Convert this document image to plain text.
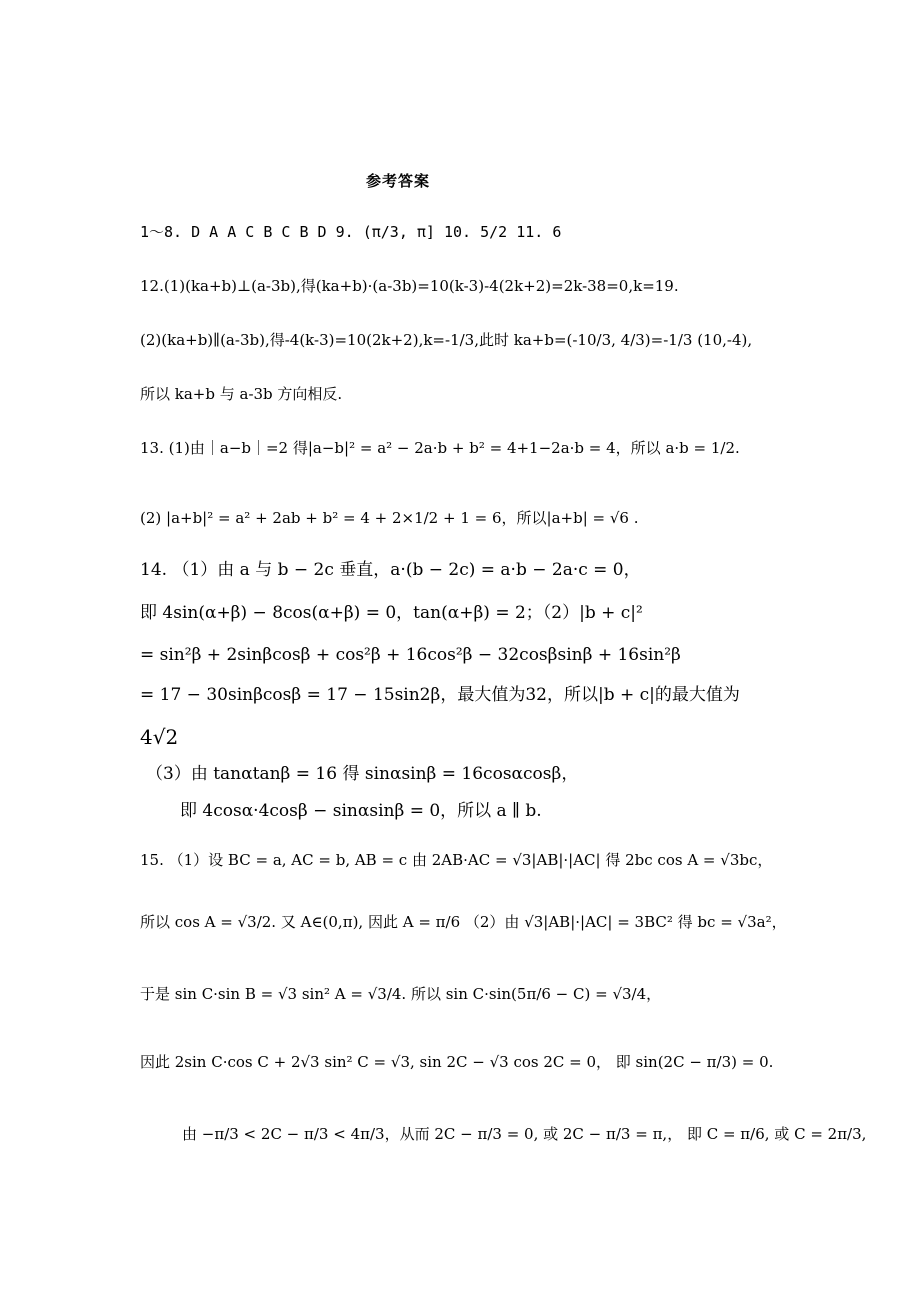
参考答案
1～8. D A A C B C B D 9. (π/3, π] 10. 5/2 11. 6
12.(1)(ka+b)⊥(a-3b),得(ka+b)·(a-3b)=10(k-3)-4(2k+2)=2k-38=0,k=19.
(2)(ka+b)∥(a-3b),得-4(k-3)=10(2k+2),k=-1/3,此时 ka+b=(-10/3, 4/3)=-1/3 (10,-4),
所以 ka+b 与 a-3b 方向相反.
13. (1)由｜a−b｜=2 得|a−b|² = a² − 2a·b + b² = 4+1−2a·b = 4，所以 a·b = 1/2.
(2) |a+b|² = a² + 2ab + b² = 4 + 2×1/2 + 1 = 6，所以|a+b| = √6 .
14. （1）由 a 与 b − 2c 垂直，a·(b − 2c) = a·b − 2a·c = 0，
即 4sin(α+β) − 8cos(α+β) = 0，tan(α+β) = 2；（2）|b + c|²
= sin²β + 2sinβcosβ + cos²β + 16cos²β − 32cosβsinβ + 16sin²β
= 17 − 30sinβcosβ = 17 − 15sin2β，最大值为32，所以|b + c|的最大值为
4√2
（3）由 tanαtanβ = 16 得 sinαsinβ = 16cosαcosβ，
即 4cosα·4cosβ − sinαsinβ = 0，所以 a ∥ b.
15. （1）设 BC = a, AC = b, AB = c 由 2AB·AC = √3|AB|·|AC| 得 2bc cos A = √3bc，
所以 cos A = √3/2. 又 A∈(0,π), 因此 A = π/6 （2）由 √3|AB|·|AC| = 3BC² 得 bc = √3a²，
于是 sin C·sin B = √3 sin² A = √3/4. 所以 sin C·sin(5π/6 − C) = √3/4，
因此 2sin C·cos C + 2√3 sin² C = √3, sin 2C − √3 cos 2C = 0， 即 sin(2C − π/3) = 0.
由 −π/3 < 2C − π/3 < 4π/3，从而 2C − π/3 = 0, 或 2C − π/3 = π,， 即 C = π/6, 或 C = 2π/3,
